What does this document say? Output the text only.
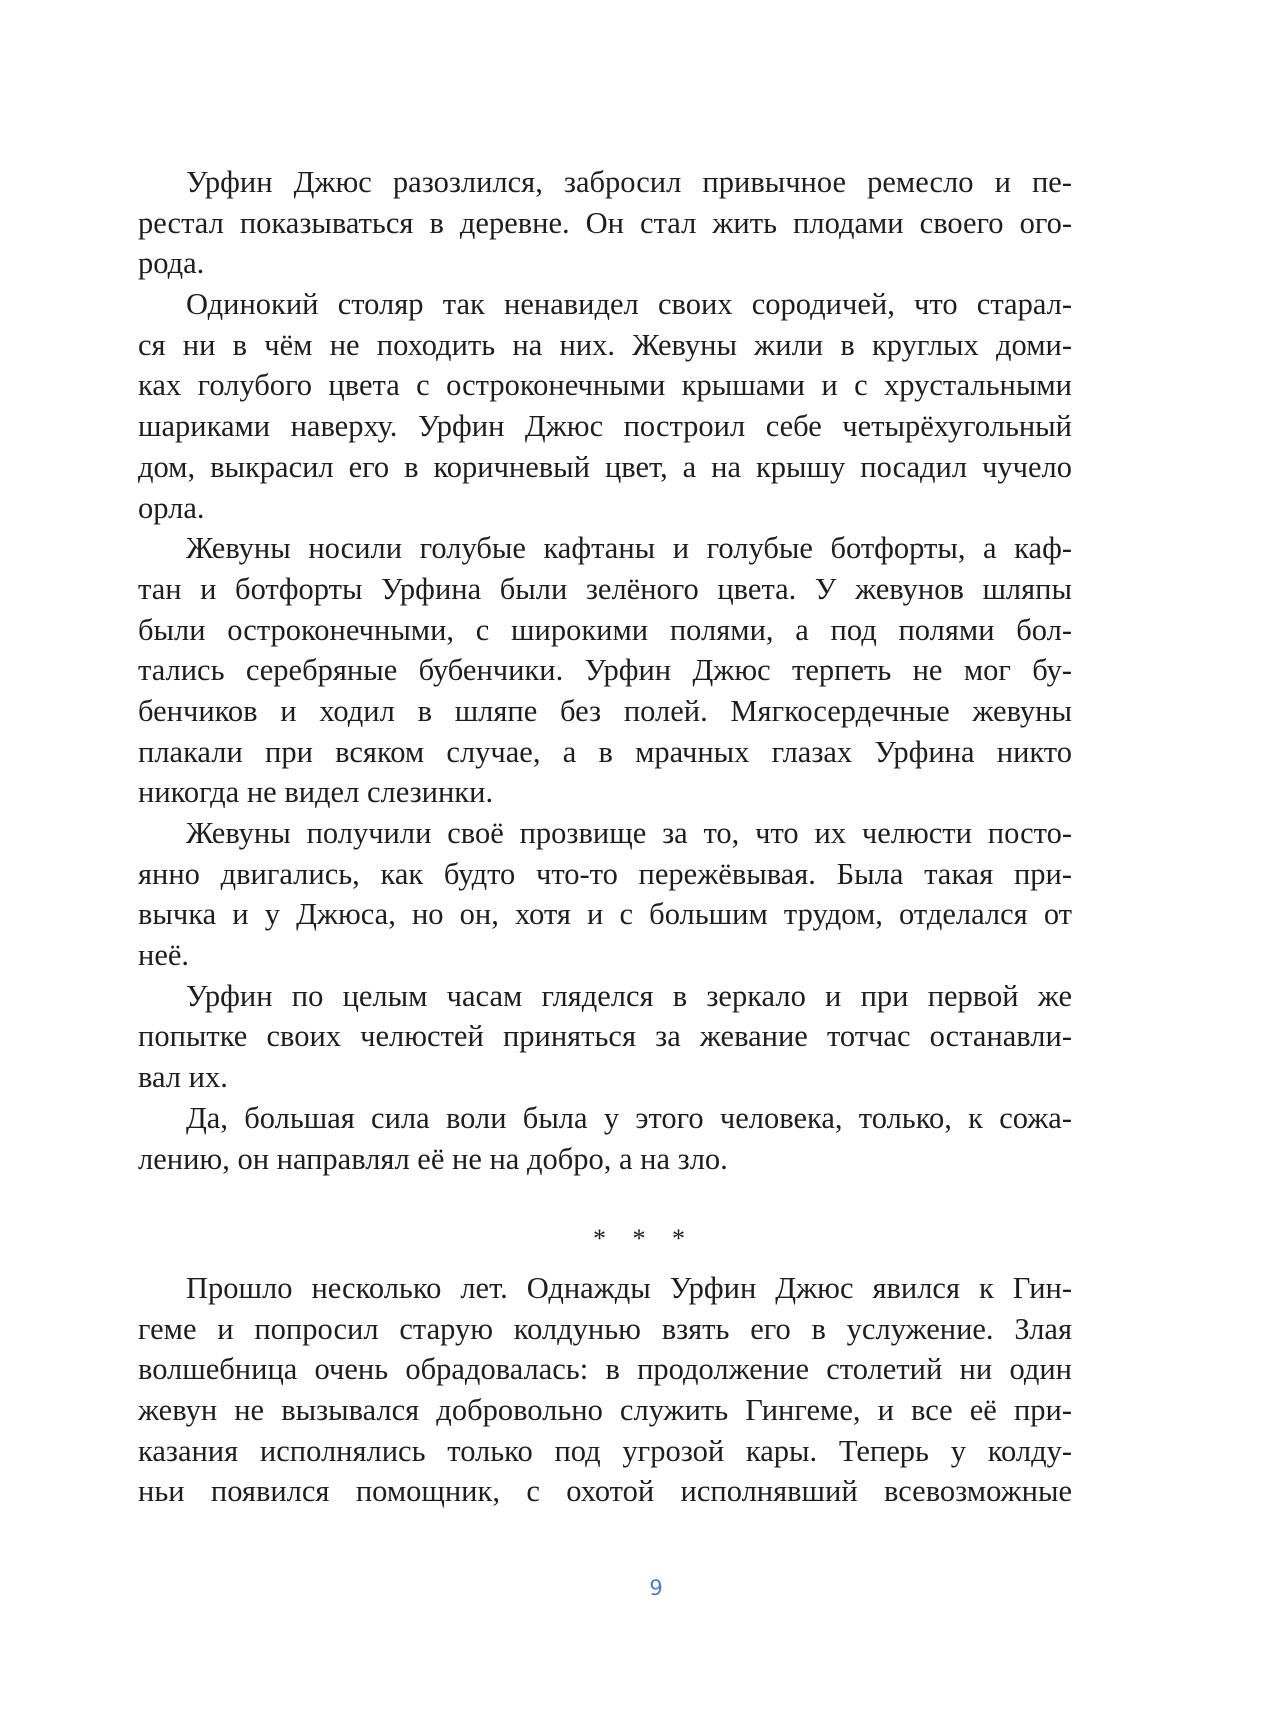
Урфин Джюс разозлился, забросил привычное ремесло и пе-
рестал показываться в деревне. Он стал жить плодами своего ого-
рода.
Одинокий столяр так ненавидел своих сородичей, что старал-
ся ни в чём не походить на них. Жевуны жили в круглых доми-
ках голубого цвета с остроконечными крышами и с хрустальными
шариками наверху. Урфин Джюс построил себе четырёхугольный
дом, выкрасил его в коричневый цвет, а на крышу посадил чучело
орла.
Жевуны носили голубые кафтаны и голубые ботфорты, а каф-
тан и ботфорты Урфина были зелёного цвета. У жевунов шляпы
были остроконечными, с широкими полями, а под полями бол-
тались серебряные бубенчики. Урфин Джюс терпеть не мог бу-
бенчиков и ходил в шляпе без полей. Мягкосердечные жевуны
плакали при всяком случае, а в мрачных глазах Урфина никто
никогда не видел слезинки.
Жевуны получили своё прозвище за то, что их челюсти посто-
янно двигались, как будто что-то пережёвывая. Была такая при-
вычка и у Джюса, но он, хотя и с большим трудом, отделался от
неё.
Урфин по целым часам гляделся в зеркало и при первой же
попытке своих челюстей приняться за жевание тотчас останавли-
вал их.
Да, большая сила воли была у этого человека, только, к сожа-
лению, он направлял её не на добро, а на зло.
* * *
Прошло несколько лет. Однажды Урфин Джюс явился к Гин-
геме и попросил старую колдунью взять его в услужение. Злая
волшебница очень обрадовалась: в продолжение столетий ни один
жевун не вызывался добровольно служить Гингеме, и все её при-
казания исполнялись только под угрозой кары. Теперь у колду-
ньи появился помощник, с охотой исполнявший всевозможные
9
